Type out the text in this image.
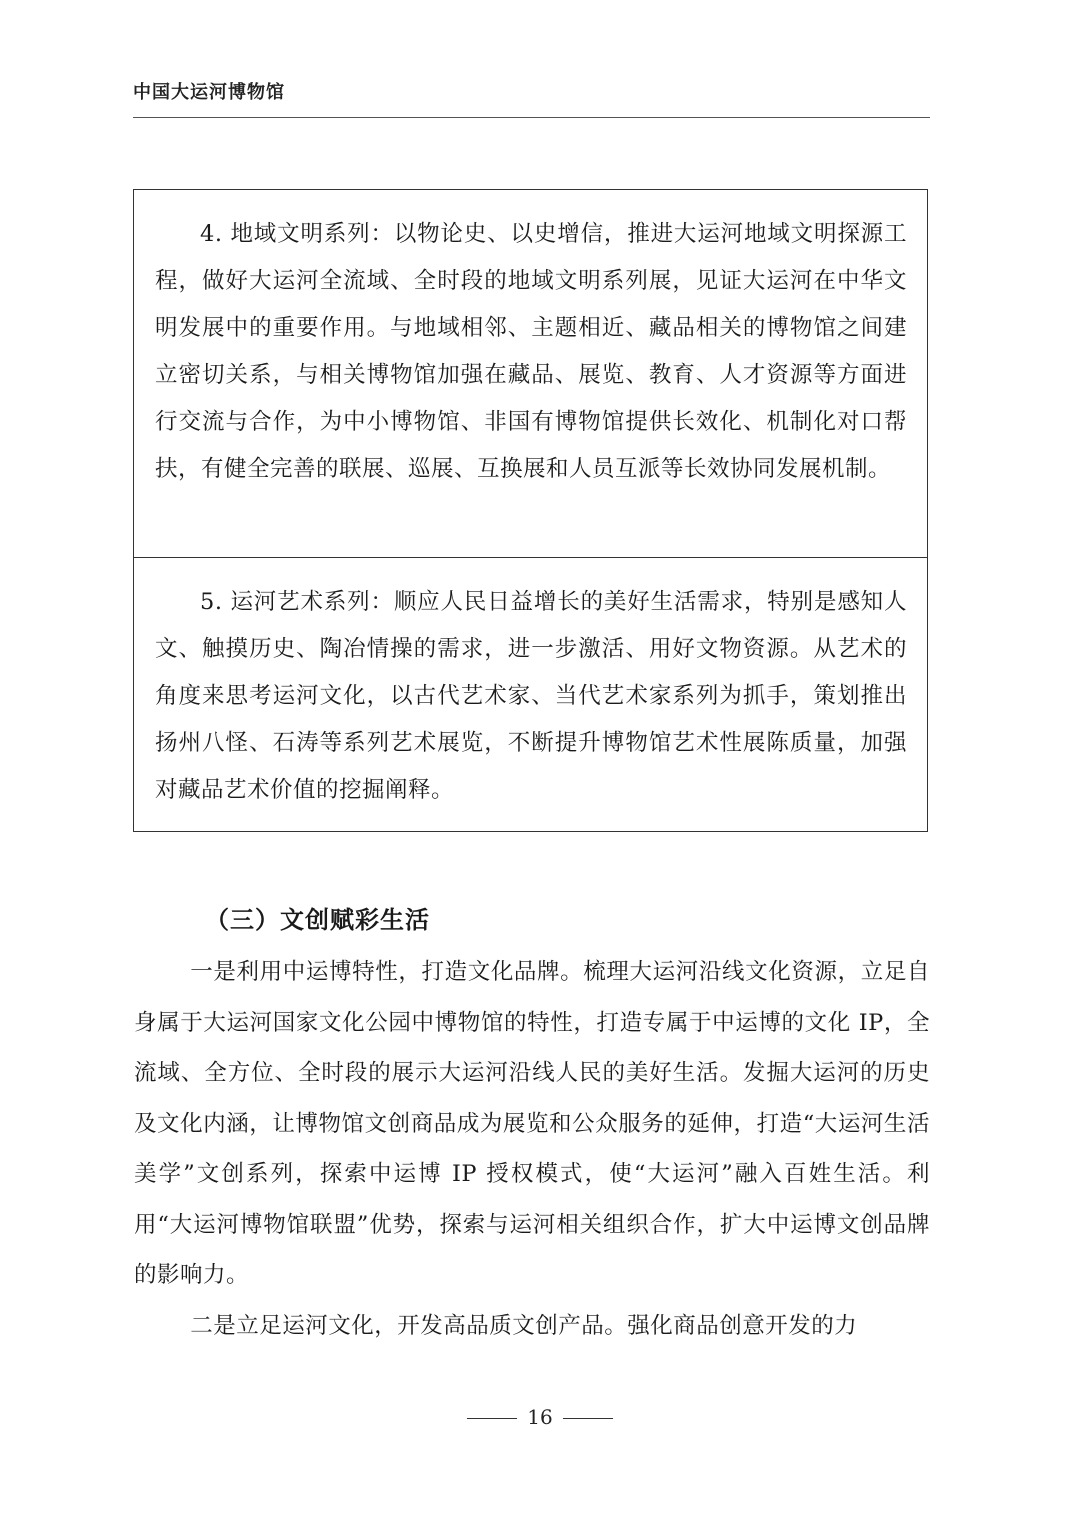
中国大运河博物馆

4. 地域文明系列：以物论史、以史增信，推进大运河地域文明探源工程，做好大运河全流域、全时段的地域文明系列展，见证大运河在中华文明发展中的重要作用。与地域相邻、主题相近、藏品相关的博物馆之间建立密切关系，与相关博物馆加强在藏品、展览、教育、人才资源等方面进行交流与合作，为中小博物馆、非国有博物馆提供长效化、机制化对口帮扶，有健全完善的联展、巡展、互换展和人员互派等长效协同发展机制。

5. 运河艺术系列：顺应人民日益增长的美好生活需求，特别是感知人文、触摸历史、陶冶情操的需求，进一步激活、用好文物资源。从艺术的角度来思考运河文化，以古代艺术家、当代艺术家系列为抓手，策划推出扬州八怪、石涛等系列艺术展览，不断提升博物馆艺术性展陈质量，加强对藏品艺术价值的挖掘阐释。

（三）文创赋彩生活

一是利用中运博特性，打造文化品牌。梳理大运河沿线文化资源，立足自身属于大运河国家文化公园中博物馆的特性，打造专属于中运博的文化 IP，全流域、全方位、全时段的展示大运河沿线人民的美好生活。发掘大运河的历史及文化内涵，让博物馆文创商品成为展览和公众服务的延伸，打造“大运河生活美学”文创系列，探索中运博 IP 授权模式，使“大运河”融入百姓生活。利用“大运河博物馆联盟”优势，探索与运河相关组织合作，扩大中运博文创品牌的影响力。

二是立足运河文化，开发高品质文创产品。强化商品创意开发的力

16
